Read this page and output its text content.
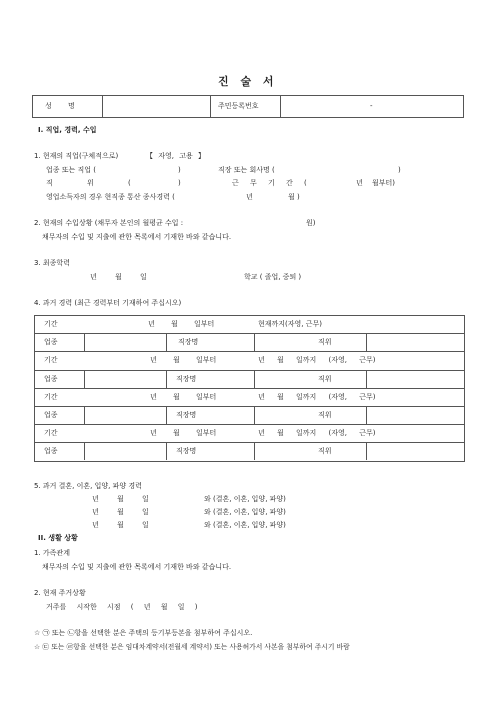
진 술 서
성 명	주민등록번호	-
I. 직업, 경력, 수입
1. 현재의 직업(구체적으로)	【 자영, 고용 】
업종 또는 직업 (	)	직장 또는 회사명 (	)
직 위 (	)	근 무 기 간 (	년 월부터)
영업소득자의 경우 현직종 통산 종사경력 (	년	월 )
2. 현재의 수입상황 (채무자 본인의 월평균 수입 :	원)
채무자의 수입 및 지출에 관한 목록에서 기재한 바와 같습니다.
3. 최종학력
년 월 일	학교 ( 졸업, 중퇴 )
4. 과거 경력 (최근 경력부터 기재하여 주십시오)
기간	년 월 일부터	현재까지(자영, 근무)
업종	직장명	직위
기간	년 월 일부터	년 월 일까지 (자영, 근무)
업종	직장명	직위
기간	년 월 일부터	년 월 일까지 (자영, 근무)
업종	직장명	직위
기간	년 월 일부터	년 월 일까지 (자영, 근무)
업종	직장명	직위
5. 과거 결혼, 이혼, 입양, 파양 경력
년 월 일	와 (결혼, 이혼, 입양, 파양)
년 월 일	와 (결혼, 이혼, 입양, 파양)
년 월 일	와 (결혼, 이혼, 입양, 파양)
II. 생활 상황
1. 가족관계
채무자의 수입 및 지출에 관한 목록에서 기재한 바와 같습니다.
2. 현재 주거상황
거주를 시작한 시점 ( 년 월 일 )
☆ ㉠ 또는 ㉡항을 선택한 분은 주택의 등기부등본을 첨부하여 주십시오.
☆ ㉢ 또는 ㉣항을 선택한 분은 임대차계약서(전월세 계약서) 또는 사용허가서 사본을 첨부하여 주시기 바람
